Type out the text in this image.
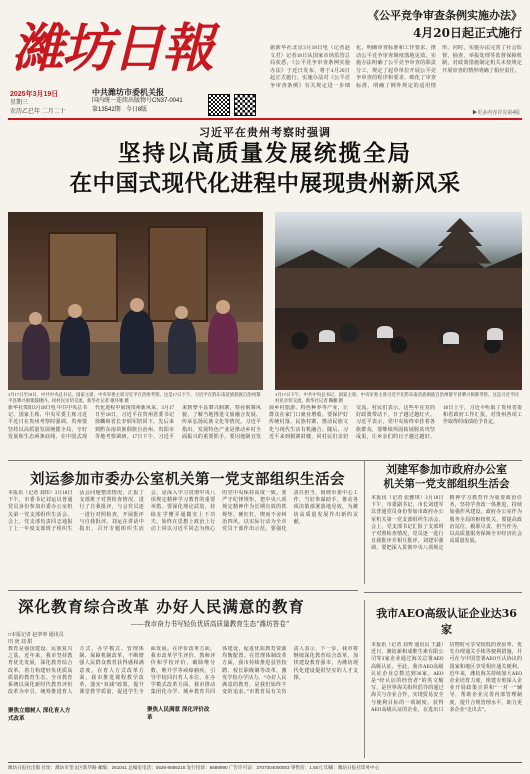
濰坊日報
2025年3月19日
星期三
农历乙巳年 二月二十
中共潍坊市委机关报
国内统一连续出版物号CN37-0041
第13542期 今日8版
《公平竞争审查条例实施办法》
4月20日起正式施行
据新华社北京3月18日电（记者赵文君）记者18日从国家市场监管总局获悉，《公平竞争审查条例实施办法》于近日发布，将于4月20日起正式施行。实施办法对《公平竞争审查条例》有关规定进一步细化，明确审查标准和工作要求，推动公平竞争审查制度落地见效。实施办法明确了公平竞争审查的职责分工，规定了起草单位开展公平竞争审查的程序和要求，细化了审查标准，明确了例外规定的适用情形。同时，实施办法完善了社会监督、抽查、举报处理等监督保障机制，对政策措施制定机关未按规定开展审查的情形明确了相应责任。
▶更多内容详见第4版
习近平在贵州考察时强调
坚持以高质量发展统揽全局
在中国式现代化进程中展现贵州新风采
3月17日至18日，中共中央总书记、国家主席、中央军委主席习近平在贵州考察。这是17日下午，习近平在黔东南苗族侗族自治州黎平县肇兴侗寨鼓楼内，同村民亲切交流。新华社记者 谢环驰 摄
3月17日下午，中共中央总书记、国家主席、中央军委主席习近平在黔东南苗族侗族自治州黎平县肇兴侗寨考察。这是习近平同村民亲切交流。新华社记者 鞠鹏 摄
新华社贵阳3月18日电 中共中央总书记、国家主席、中央军委主席习近平近日在贵州考察时强调，贵州要坚持以高质量发展统揽全局，守好发展和生态两条底线，在中国式现代化进程中展现贵州新风采。3月17日至18日，习近平在贵州省委书记徐麟和省长李炳军陪同下，先后来到黔东南苗族侗族自治州、贵阳市等地考察调研。17日下午，习近平来到黎平县肇兴侗寨，察看侗寨风貌，了解当地推进文旅融合发展、传承弘扬民族文化等情况。习近平指出，发展特色产业是推动乡村全面振兴的重要抓手，要因地制宜发展乡村旅游、特色种养等产业，让群众在家门口就业增收。要保护好传统村落、民族村寨，推动民族文化与现代生活有机融合。随后，习近平来到侗寨鼓楼，同村民们亲切交流。村民们表示，这些年在党的好政策带动下，日子越过越红火。习近平表示，党中央始终牵挂着各族群众，要继续巩固拓展脱贫攻坚成果，让乡亲们的日子越过越好。18日上午，习近平听取了贵州省委和省政府工作汇报，对贵州各项工作取得的成绩给予肯定。
刘运参加市委办公室机关第一党支部组织生活会
本报讯（记者 刘玮）3月18日下午，市委书记刘运以普通党员身份参加市委办公室机关第一党支部组织生活会。会上，党支部负责同志通报了上一年度支部班子组织生活会问题整改情况，汇报了支部班子对照检查情况，进行了自我批评，与会党员逐一进行对照检查，开展批评与自我批评。刘运在讲话中指出，召开专题组织生活会，是深入学习贯彻中央八项规定精神学习教育的重要举措。要深化理论武装，持续在学懂弄通做实上下功夫，始终在思想上政治上行动上同以习近平同志为核心的党中央保持高度一致。要严守纪律规矩，把中央八项规定精神作为长期有效的铁规矩、硬杠杠，锲而不舍纠治四风，以实际行动为全市党员干部作出示范。要强化责任担当，围绕市委中心工作，当好参谋助手，推动各项决策部署落地见效，为潍坊高质量发展作出新的贡献。
刘建军参加市政府办公室
机关第一党支部组织生活会
本报讯（记者 张雅琪）3月18日下午，市委副书记、市长刘建军以普通党员身份参加市政府办公室机关第一党支部组织生活会。会上，党支部书记汇报了支部班子对照检查情况，党员逐一进行自我批评并相互批评。刘建军强调，要把深入贯彻中央八项规定精神学习教育作为重要政治任务，坚持学查改一体推进，持续加强作风建设。政府办公室作为服务全局的枢纽机关，要提高政治站位，履职尽责、担当作为，以高质量服务保障全市经济社会高质量发展。
深化教育综合改革 办好人民满意的教育
——我市奋力书写轻负优质高质量教育生态“潍坊答卷”
□本报记者 赵寧寧 通讯员 田 庚 刘 甜
教育是强国建设、民族复兴之基。近年来，我市坚持教育优先发展，深化教育综合改革，着力构建轻负优质高质量的教育生态。全市教育系统以深化新时代教育评价改革为牵引，统筹推进育人方式、办学模式、管理体制、保障机制改革，不断增强人民群众教育获得感和满意度。在育人方式改革方面，我市推进课程教学改革，落实“双减”政策，提升课堂教学质量，促进学生全面发展。在评价改革方面，我市改革学生评价、教师评价和学校评价，破除唯分数、唯升学等顽瘴痼疾，引导学校回归育人本位。在办学模式改革方面，我市推动集团化办学、城乡教育共同体建设，促进优质教育资源均衡配置。在管理体制改革方面，我市持续推进县管校聘、校长职级制等改革，激发学校办学活力。“办好人民满意的教育，是我们始终不变的追求。”市教育局有关负责人表示，下一步，我市将继续深化教育综合改革，加快建设教育强市，为潍坊现代化建设提供坚实的人才支撑。
聚焦立德树人 深化育人方式改革
聚焦人民满意 深化评价改革
我市AEO高级认证企业达36家
本报讯（记者 刘秀 通讯员 王鑫）近日，潍坊新和成维生素有限公司等3家企业通过海关总署AEO高级认证。至此，我市AEO高级认证企业总数达到36家。AEO是“经认证的经营者”的英文缩写，是世界海关组织倡导的通过海关与企业合作，实现贸易安全与便利目标的一项制度。获得AEO高级认证的企业，在进出口货物时可享受较低的查验率、优先办理通关手续等便利措施，并可在与中国签署AEO互认协议的国家和地区享受相应通关便利。近年来，潍坊海关持续加大AEO企业培育力度，组建专班深入企业开展政策宣讲和“一对一”辅导，帮助企业完善内部管理制度，提升合规管理水平，助力更多企业“走出去”。
潍坊日报社出版 社址：潍坊市奎文区新华路 邮编：261041 总编室电话：0536-8685216 发行投诉：8689990 广告许可证：3707004000003 零售价：1.50元 印刷：潍坊日报社印务中心
